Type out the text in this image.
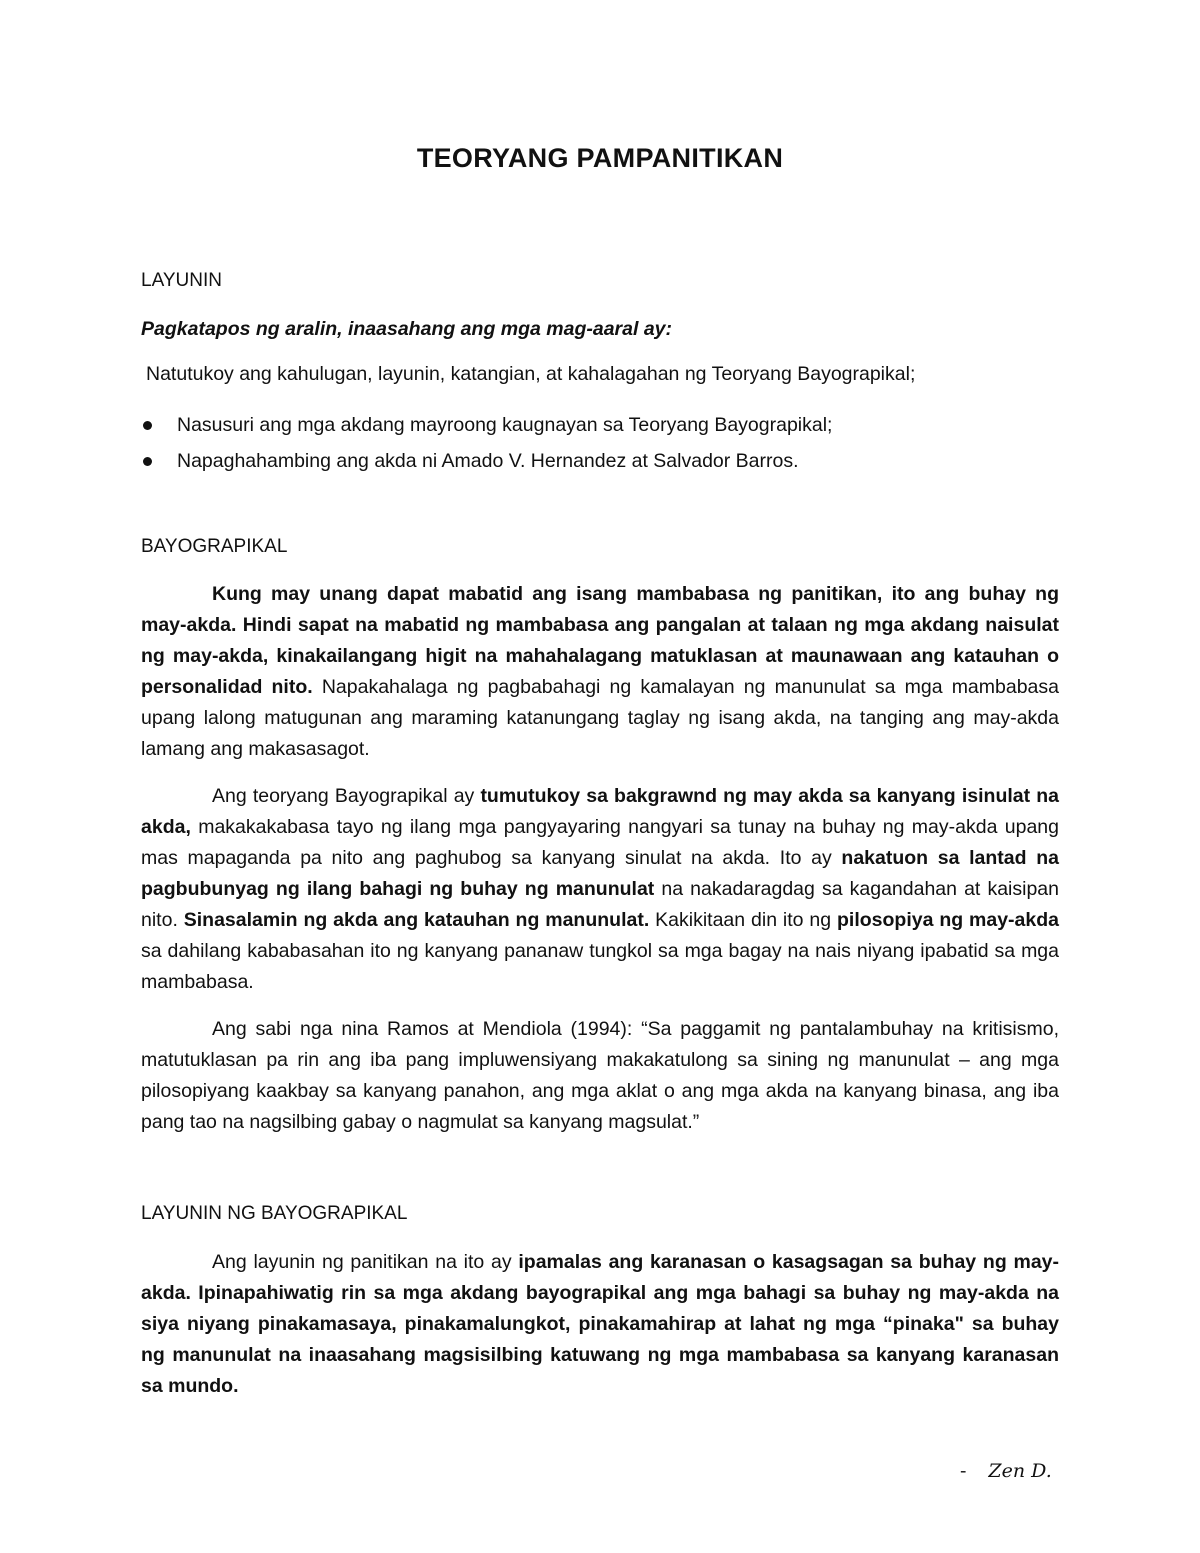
TEORYANG PAMPANITIKAN
LAYUNIN
Pagkatapos ng aralin, inaasahang ang mga mag-aaral ay:
Natutukoy ang kahulugan, layunin, katangian, at kahalagahan ng Teoryang Bayograpikal;
Nasusuri ang mga akdang mayroong kaugnayan sa Teoryang Bayograpikal;
Napaghahambing ang akda ni Amado V. Hernandez at Salvador Barros.
BAYOGRAPIKAL

Kung may unang dapat mabatid ang isang mambabasa ng panitikan, ito ang buhay ng may-akda. Hindi sapat na mabatid ng mambabasa ang pangalan at talaan ng mga akdang naisulat ng may-akda, kinakailangang higit na mahahalagang matuklasan at maunawaan ang katauhan o personalidad nito. Napakahalaga ng pagbabahagi ng kamalayan ng manunulat sa mga mambabasa upang lalong matugunan ang maraming katanungang taglay ng isang akda, na tanging ang may-akda lamang ang makasasagot.

Ang teoryang Bayograpikal ay tumutukoy sa bakgrawnd ng may akda sa kanyang isinulat na akda, makakakabasa tayo ng ilang mga pangyayaring nangyari sa tunay na buhay ng may-akda upang mas mapaganda pa nito ang paghubog sa kanyang sinulat na akda. Ito ay nakatuon sa lantad na pagbubunyag ng ilang bahagi ng buhay ng manunulat na nakadaragdag sa kagandahan at kaisipan nito. Sinasalamin ng akda ang katauhan ng manunulat. Kakikitaan din ito ng pilosopiya ng may-akda sa dahilang kababasahan ito ng kanyang pananaw tungkol sa mga bagay na nais niyang ipabatid sa mga mambabasa.

Ang sabi nga nina Ramos at Mendiola (1994): “Sa paggamit ng pantalambuhay na kritisismo, matutuklasan pa rin ang iba pang impluwensiyang makakatulong sa sining ng manunulat – ang mga pilosopiyang kaakbay sa kanyang panahon, ang mga aklat o ang mga akda na kanyang binasa, ang iba pang tao na nagsilbing gabay o nagmulat sa kanyang magsulat.”

LAYUNIN NG BAYOGRAPIKAL

Ang layunin ng panitikan na ito ay ipamalas ang karanasan o kasagsagan sa buhay ng may-akda. Ipinapahiwatig rin sa mga akdang bayograpikal ang mga bahagi sa buhay ng may-akda na siya niyang pinakamasaya, pinakamalungkot, pinakamahirap at lahat ng mga “pinaka" sa buhay ng manunulat na inaasahang magsisilbing katuwang ng mga mambabasa sa kanyang karanasan sa mundo.

- Zen D.
